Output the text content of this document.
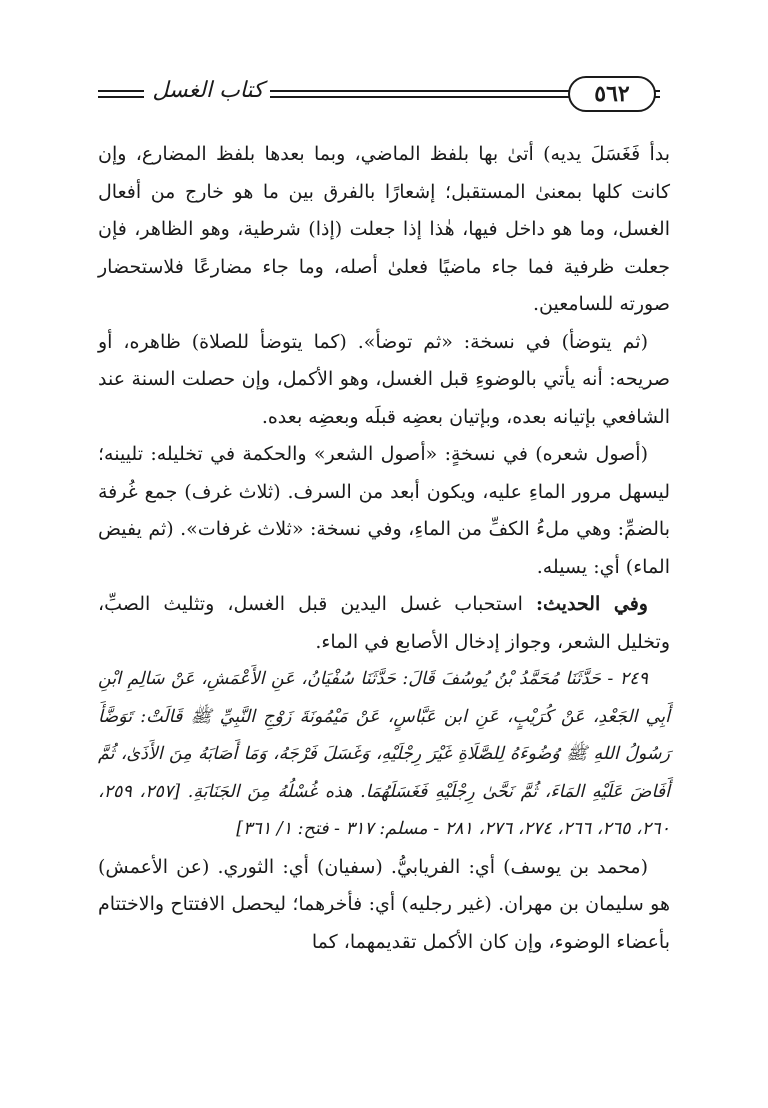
كتاب الغسل	٥٦٢

بدأ فَغَسَلَ يديه) أتىٰ بها بلفظ الماضي، وبما بعدها بلفظ المضارع، وإن كانت كلها بمعنىٰ المستقبل؛ إشعارًا بالفرق بين ما هو خارج من أفعال الغسل، وما هو داخل فيها، هٰذا إذا جعلت (إذا) شرطية، وهو الظاهر، فإن جعلت ظرفية فما جاء ماضيًا فعلىٰ أصله، وما جاء مضارعًا فلاستحضار صورته للسامعين.

(ثم يتوضأ) في نسخة: «ثم توضأ». (كما يتوضأ للصلاة) ظاهره، أو صريحه: أنه يأتي بالوضوءِ قبل الغسل، وهو الأكمل، وإن حصلت السنة عند الشافعي بإتيانه بعده، وبإتيان بعضِه قبلَه وبعضِه بعده.

(أصول شعره) في نسخةٍ: «أصول الشعر» والحكمة في تخليله: تليينه؛ ليسهل مرور الماءِ عليه، ويكون أبعد من السرف. (ثلاث غرف) جمع غُرفة بالضمِّ: وهي ملءُ الكفِّ من الماءِ، وفي نسخة: «ثلاث غرفات». (ثم يفيض الماء) أي: يسيله.

وفي الحديث: استحباب غسل اليدين قبل الغسل، وتثليث الصبِّ، وتخليل الشعر، وجواز إدخال الأصابع في الماء.

٢٤٩ - حَدَّثَنَا مُحَمَّدُ بْنُ يُوسُفَ قَالَ: حَدَّثَنَا سُفْيَانُ، عَنِ الأَعْمَشِ، عَنْ سَالِمِ ابْنِ أَبِي الجَعْدِ، عَنْ كُرَيْبٍ، عَنِ ابن عَبَّاسٍ، عَنْ مَيْمُونَةَ زَوْجِ النَّبِيِّ ﷺ قَالَتْ: تَوَضَّأَ رَسُولُ اللهِ ﷺ وُضُوءَهُ لِلصَّلَاةِ غَيْرَ رِجْلَيْهِ، وَغَسَلَ فَرْجَهُ، وَمَا أَصَابَهُ مِنَ الأَذَىٰ، ثُمَّ أَفَاضَ عَلَيْهِ المَاءَ، ثُمَّ نَحَّىٰ رِجْلَيْهِ فَغَسَلَهُمَا. هذه غُسْلُهُ مِنَ الجَنَابَةِ. [٢٥٧، ٢٥٩، ٢٦٠، ٢٦٥، ٢٦٦، ٢٧٤، ٢٧٦، ٢٨١ - مسلم: ٣١٧ - فتح: ١/ ٣٦١]

(محمد بن يوسف) أي: الفريابيُّ. (سفيان) أي: الثوري. (عن الأعمش) هو سليمان بن مهران. (غير رجليه) أي: فأخرهما؛ ليحصل الافتتاح والاختتام بأعضاء الوضوء، وإن كان الأكمل تقديمهما، كما
